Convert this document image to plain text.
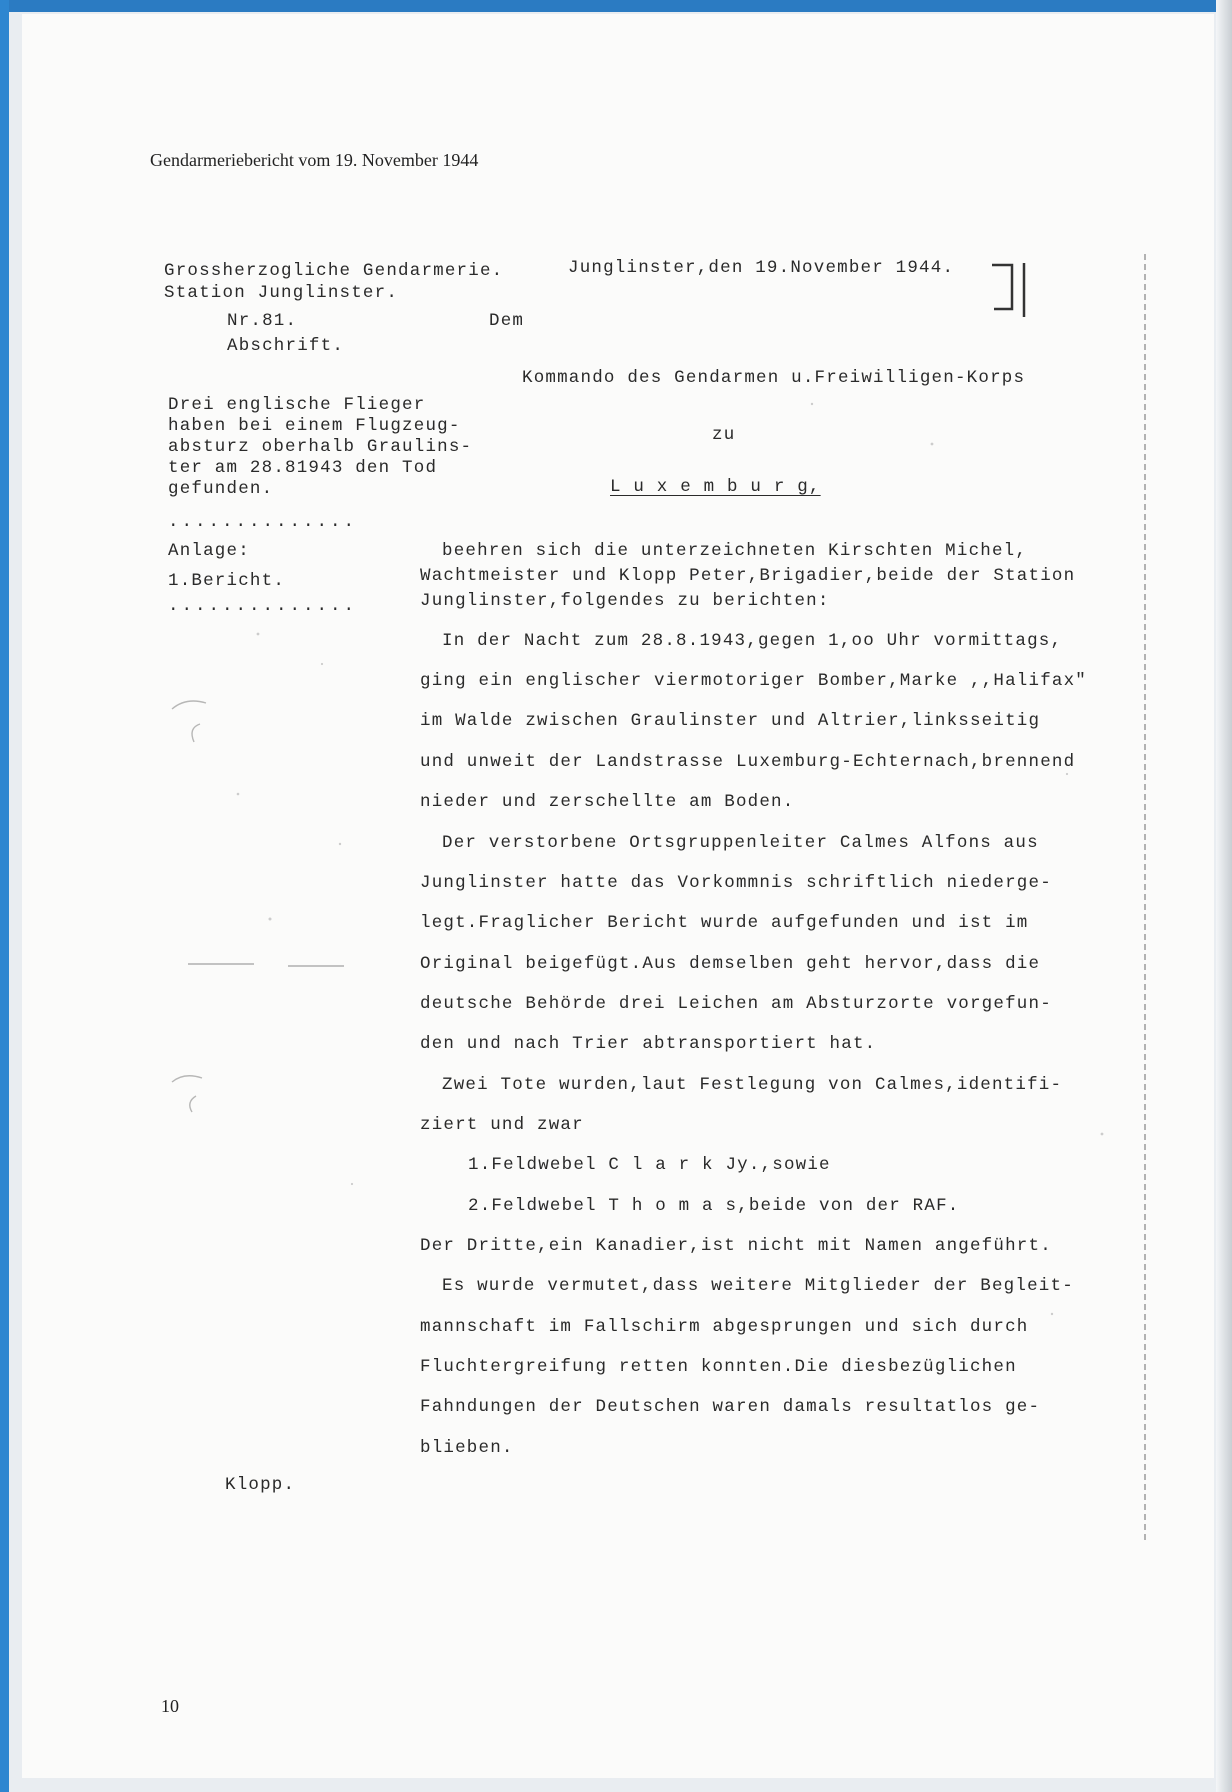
Gendarmeriebericht vom 19. November 1944
Grossherzogliche Gendarmerie.
Station Junglinster.
Nr.81.
Abschrift.
Junglinster,den 19.November 1944.
Dem
Kommando des Gendarmen u.Freiwilligen-Korps
zu
L u x e m b u r g,
Drei englische Flieger
haben bei einem Flugzeug-
absturz oberhalb Graulins-
ter am 28.81943 den Tod
gefunden.
..............
Anlage:
1.Bericht.
..............
beehren sich die unterzeichneten Kirschten Michel,
Wachtmeister und Klopp Peter,Brigadier,beide der Station
Junglinster,folgendes zu berichten:
In der Nacht zum 28.8.1943,gegen 1,oo Uhr vormittags,
ging ein englischer viermotoriger Bomber,Marke ,,Halifax"
im Walde zwischen Graulinster und Altrier,linksseitig
und unweit der Landstrasse Luxemburg-Echternach,brennend
nieder und zerschellte am Boden.
Der verstorbene Ortsgruppenleiter Calmes Alfons aus
Junglinster hatte das Vorkommnis schriftlich niederge-
legt.Fraglicher Bericht wurde aufgefunden und ist im
Original beigefügt.Aus demselben geht hervor,dass die
deutsche Behörde drei Leichen am Absturzorte vorgefun-
den und nach Trier abtransportiert hat.
Zwei Tote wurden,laut Festlegung von Calmes,identifi-
ziert und zwar
1.Feldwebel C l a r k Jy.,sowie
2.Feldwebel T h o m a s,beide von der RAF.
Der Dritte,ein Kanadier,ist nicht mit Namen angeführt.
Es wurde vermutet,dass weitere Mitglieder der Begleit-
mannschaft im Fallschirm abgesprungen und sich durch
Fluchtergreifung retten konnten.Die diesbezüglichen
Fahndungen der Deutschen waren damals resultatlos ge-
blieben.
Klopp.
10
